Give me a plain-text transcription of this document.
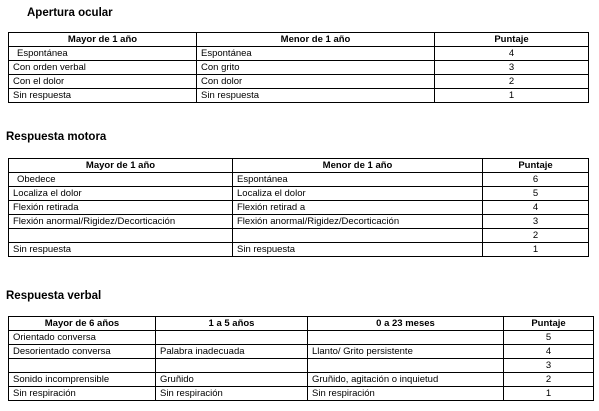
Apertura ocular
Mayor de 1 año	Menor de 1 año	Puntaje
Espontánea	Espontánea	4
Con orden verbal	Con grito	3
Con el dolor	Con dolor	2
Sin respuesta	Sin respuesta	1
Respuesta motora
Mayor de 1 año	Menor de 1 año	Puntaje
Obedece	Espontánea	6
Localiza el dolor	Localiza el dolor	5
Flexión retirada	Flexión retirad a	4
Flexión anormal/Rigidez/Decorticación	Flexión anormal/Rigidez/Decorticación	3
		2
Sin respuesta	Sin respuesta	1
Respuesta verbal
Mayor de 6 años	1 a 5 años	0 a 23 meses	Puntaje
Orientado conversa			5
Desorientado conversa	Palabra inadecuada	Llanto/ Grito persistente	4
			3
Sonido incomprensible	Gruñido	Gruñido, agitación o inquietud	2
Sin respiración	Sin respiración	Sin respiración	1
